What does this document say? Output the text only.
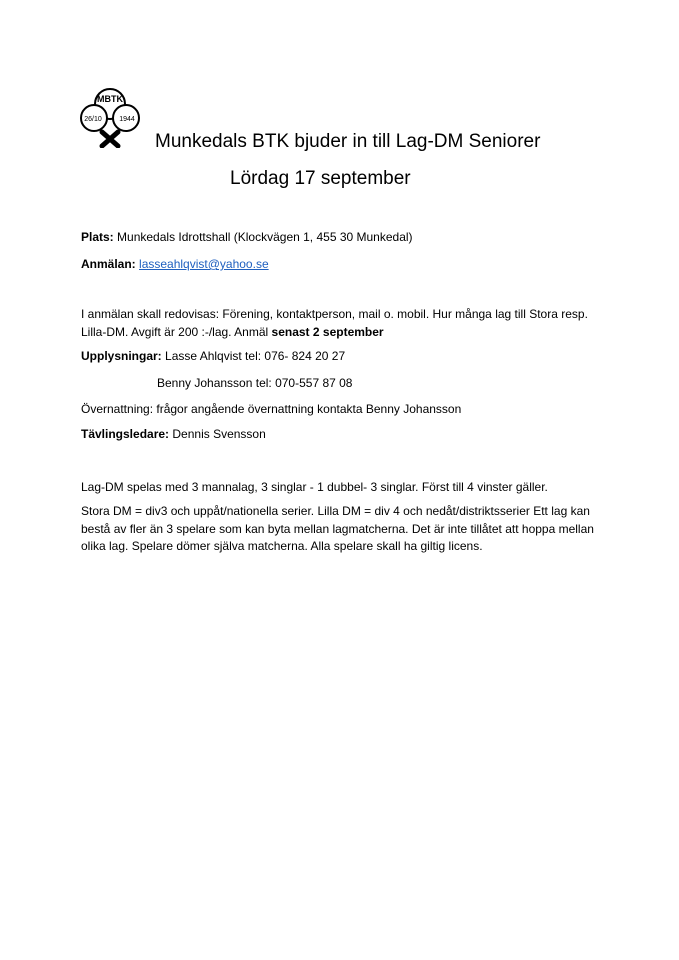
MBTK
26/10 1944
Munkedals BTK bjuder in till Lag-DM Seniorer
Lördag 17 september
Plats: Munkedals Idrottshall (Klockvägen 1, 455 30 Munkedal)
Anmälan: lasseahlqvist@yahoo.se
I anmälan skall redovisas: Förening, kontaktperson, mail o. mobil. Hur många lag till Stora resp. Lilla-DM. Avgift är 200 :-/lag. Anmäl senast 2 september
Upplysningar: Lasse Ahlqvist tel: 076- 824 20 27
Benny Johansson tel: 070-557 87 08
Övernattning: frågor angående övernattning kontakta Benny Johansson
Tävlingsledare: Dennis Svensson
Lag-DM spelas med 3 mannalag, 3 singlar - 1 dubbel- 3 singlar. Först till 4 vinster gäller.
Stora DM = div3 och uppåt/nationella serier. Lilla DM = div 4 och nedåt/distriktsserier Ett lag kan bestå av fler än 3 spelare som kan byta mellan lagmatcherna. Det är inte tillåtet att hoppa mellan olika lag. Spelare dömer själva matcherna. Alla spelare skall ha giltig licens.
